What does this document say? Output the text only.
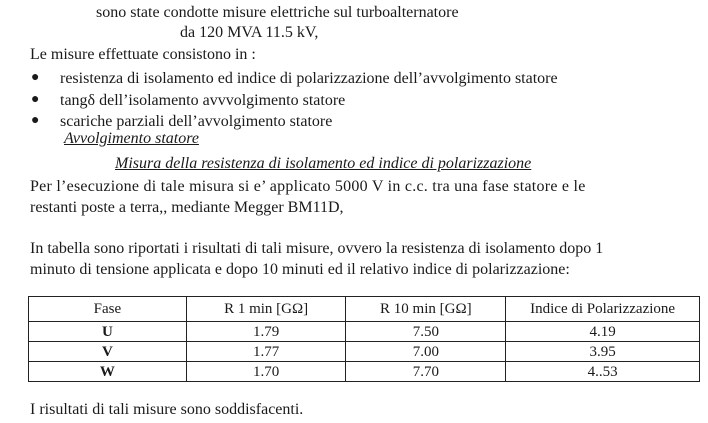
sono state condotte misure elettriche sul turboalternatore
da 120 MVA 11.5 kV,
Le misure effettuate consistono in :
● resistenza di isolamento ed indice di polarizzazione dell’avvolgimento statore
● tangδ dell’isolamento avvvolgimento statore
● scariche parziali dell’avvolgimento statore
Avvolgimento statore
Misura della resistenza di isolamento ed indice di polarizzazione
Per l’esecuzione di tale misura si e’ applicato 5000 V in c.c. tra una fase statore e le
restanti poste a terra,, mediante Megger BM11D,
In tabella sono riportati i risultati di tali misure, ovvero la resistenza di isolamento dopo 1
minuto di tensione applicata e dopo 10 minuti ed il relativo indice di polarizzazione:
Fase	R 1 min [GΩ]	R 10 min [GΩ]	Indice di Polarizzazione
U	1.79	7.50	4.19
V	1.77	7.00	3.95
W	1.70	7.70	4..53
I risultati di tali misure sono soddisfacenti.
